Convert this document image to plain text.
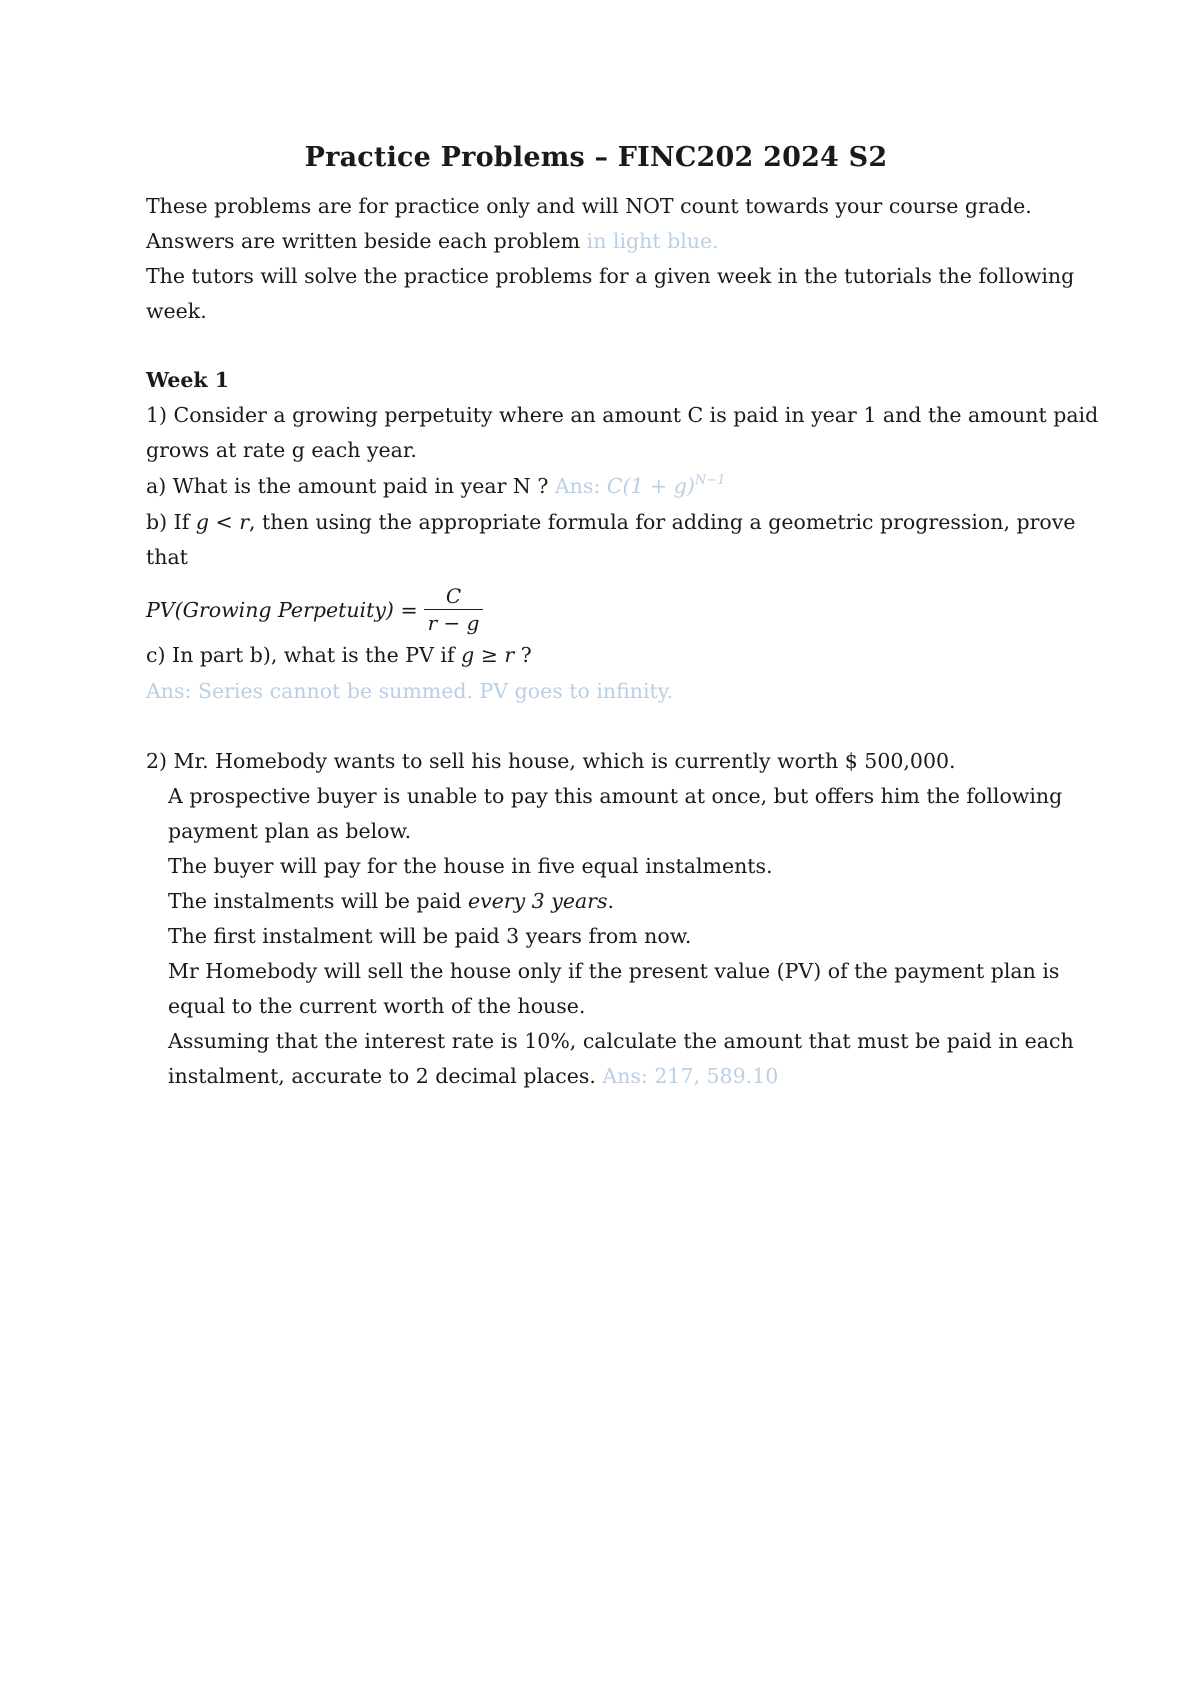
Practice Problems – FINC202 2024 S2
These problems are for practice only and will NOT count towards your course grade.
Answers are written beside each problem in light blue.
The tutors will solve the practice problems for a given week in the tutorials the following
week.
Week 1
1) Consider a growing perpetuity where an amount C is paid in year 1 and the amount paid
grows at rate g each year.
a) What is the amount paid in year N ? Ans: $C(1 + g)^{N-1}$
b) If g < r, then using the appropriate formula for adding a geometric progression, prove
that
PV(Growing Perpetuity) = $\frac{C}{r - g}$
c) In part b), what is the PV if g ≥ r ?
Ans: Series cannot be summed. PV goes to infinity.
2) Mr. Homebody wants to sell his house, which is currently worth $ 500,000.
A prospective buyer is unable to pay this amount at once, but offers him the following
payment plan as below.
The buyer will pay for the house in five equal instalments.
The instalments will be paid every 3 years.
The first instalment will be paid 3 years from now.
Mr Homebody will sell the house only if the present value (PV) of the payment plan is
equal to the current worth of the house.
Assuming that the interest rate is 10%, calculate the amount that must be paid in each
instalment, accurate to 2 decimal places. Ans: 217, 589.10
